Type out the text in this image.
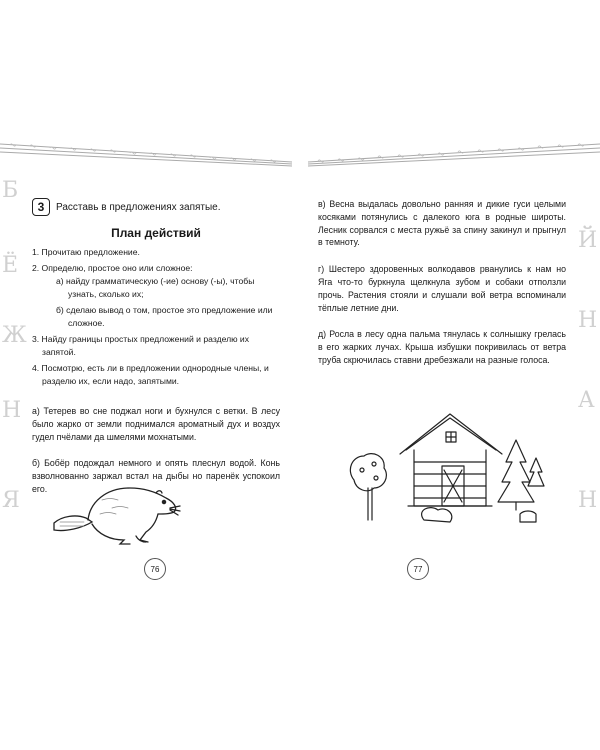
Б
Ё
Ж
Н
Я
Й
Н
А
Н
3	Расставь в предложениях запятые.
План действий
1. Прочитаю предложение.
2. Определю, простое оно или сложное:
а) найду грамматическую (-ие) основу (-ы), чтобы узнать, сколько их;
б) сделаю вывод о том, простое это предложение или сложное.
3. Найду границы простых предложений и разделю их запятой.
4. Посмотрю, есть ли в предложении однородные члены, и разделю их, если надо, запятыми.

а) Тетерев во сне поджал ноги и бухнулся с ветки. В лесу было жарко от земли поднимался ароматный дух и воздух гудел пчёлами да шмелями мохнатыми.

б) Бобёр подождал немного и опять плеснул водой. Конь взволнованно заржал встал на дыбы но паренёк успокоил его.

76

в) Весна выдалась довольно ранняя и дикие гуси целыми косяками потянулись с далекого юга в родные широты. Лесник сорвался с места ружьё за спину закинул и прыгнул в темноту.

г) Шестеро здоровенных волкодавов рванулись к нам но Яга что-то буркнула щелкнула зубом и собаки отползли прочь. Растения стояли и слушали вой ветра вспоминали тёплые летние дни.

д) Росла в лесу одна пальма тянулась к солнышку грелась в его жарких лучах. Крыша избушки покривилась от ветра труба скрючилась ставни дребезжали на разные голоса.

77
